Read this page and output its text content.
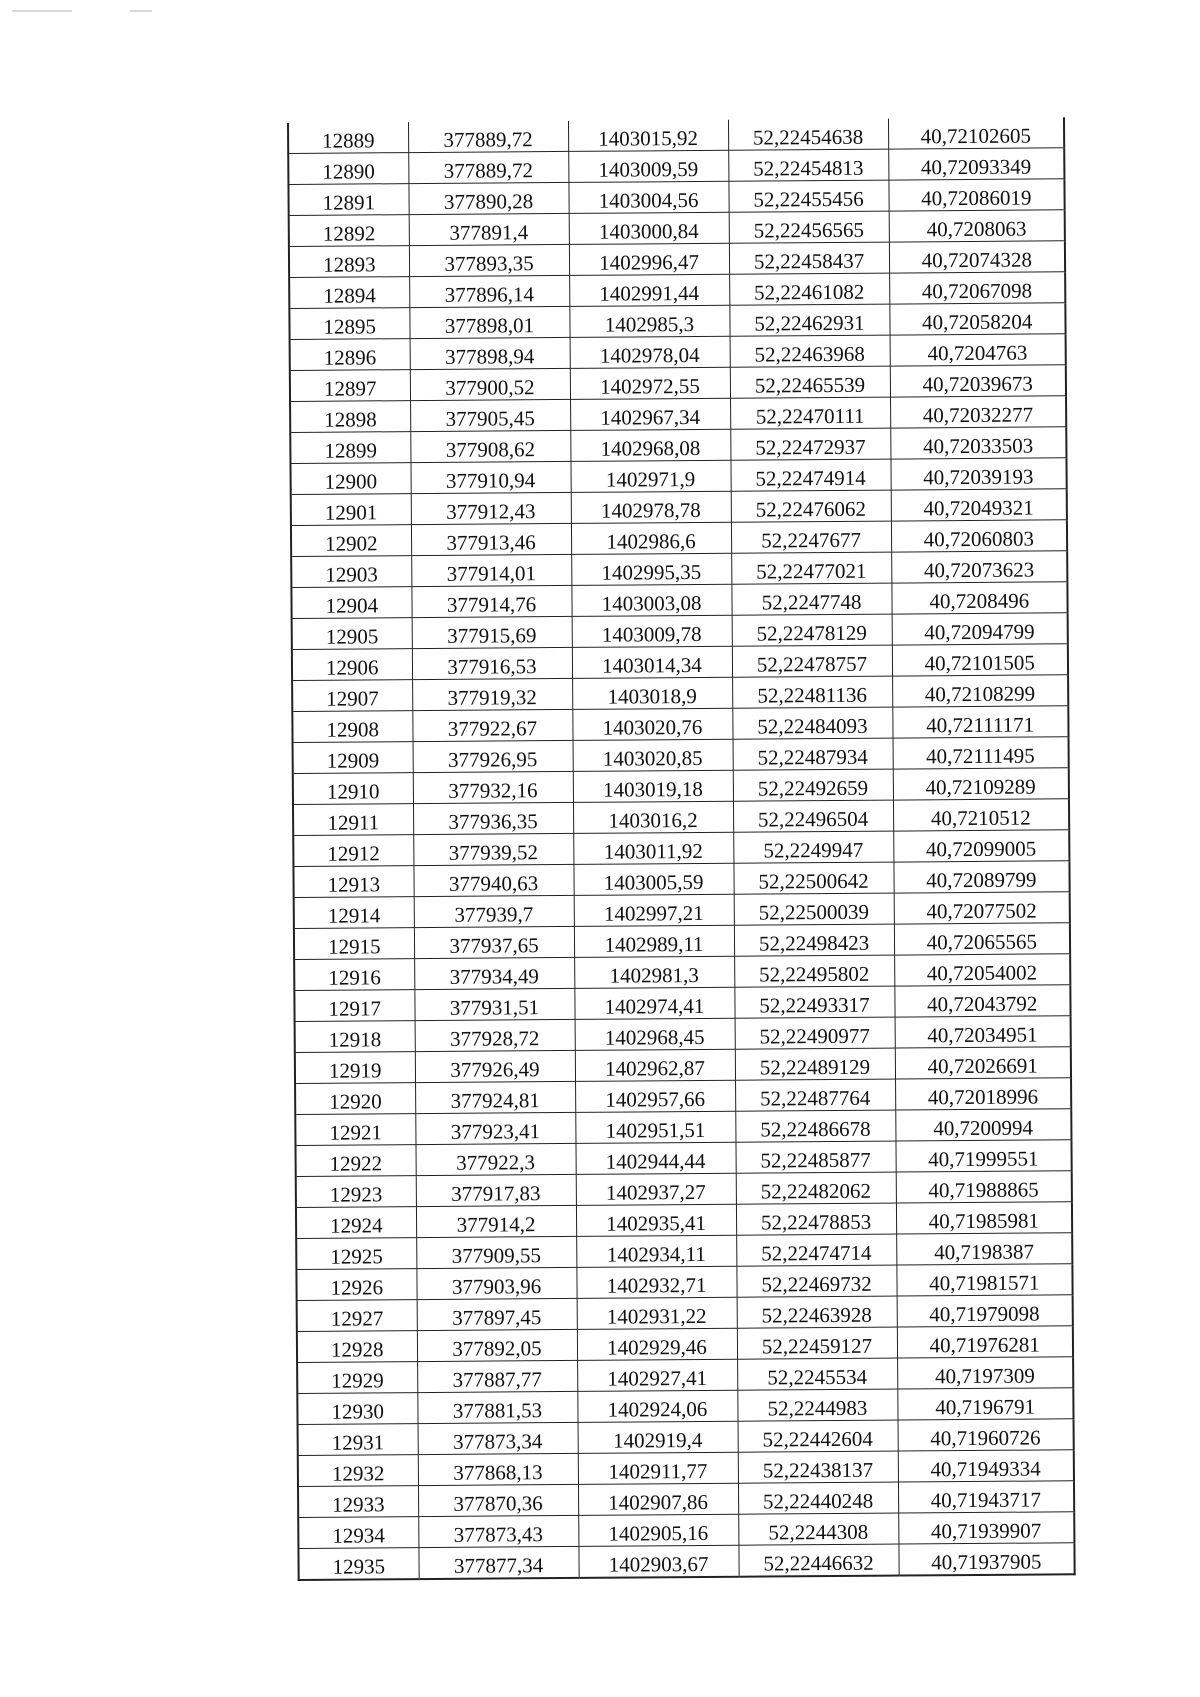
12889	377889,72	1403015,92	52,22454638	40,72102605
12890	377889,72	1403009,59	52,22454813	40,72093349
12891	377890,28	1403004,56	52,22455456	40,72086019
12892	377891,4	1403000,84	52,22456565	40,7208063
12893	377893,35	1402996,47	52,22458437	40,72074328
12894	377896,14	1402991,44	52,22461082	40,72067098
12895	377898,01	1402985,3	52,22462931	40,72058204
12896	377898,94	1402978,04	52,22463968	40,7204763
12897	377900,52	1402972,55	52,22465539	40,72039673
12898	377905,45	1402967,34	52,22470111	40,72032277
12899	377908,62	1402968,08	52,22472937	40,72033503
12900	377910,94	1402971,9	52,22474914	40,72039193
12901	377912,43	1402978,78	52,22476062	40,72049321
12902	377913,46	1402986,6	52,2247677	40,72060803
12903	377914,01	1402995,35	52,22477021	40,72073623
12904	377914,76	1403003,08	52,2247748	40,7208496
12905	377915,69	1403009,78	52,22478129	40,72094799
12906	377916,53	1403014,34	52,22478757	40,72101505
12907	377919,32	1403018,9	52,22481136	40,72108299
12908	377922,67	1403020,76	52,22484093	40,72111171
12909	377926,95	1403020,85	52,22487934	40,72111495
12910	377932,16	1403019,18	52,22492659	40,72109289
12911	377936,35	1403016,2	52,22496504	40,7210512
12912	377939,52	1403011,92	52,2249947	40,72099005
12913	377940,63	1403005,59	52,22500642	40,72089799
12914	377939,7	1402997,21	52,22500039	40,72077502
12915	377937,65	1402989,11	52,22498423	40,72065565
12916	377934,49	1402981,3	52,22495802	40,72054002
12917	377931,51	1402974,41	52,22493317	40,72043792
12918	377928,72	1402968,45	52,22490977	40,72034951
12919	377926,49	1402962,87	52,22489129	40,72026691
12920	377924,81	1402957,66	52,22487764	40,72018996
12921	377923,41	1402951,51	52,22486678	40,7200994
12922	377922,3	1402944,44	52,22485877	40,71999551
12923	377917,83	1402937,27	52,22482062	40,71988865
12924	377914,2	1402935,41	52,22478853	40,71985981
12925	377909,55	1402934,11	52,22474714	40,7198387
12926	377903,96	1402932,71	52,22469732	40,71981571
12927	377897,45	1402931,22	52,22463928	40,71979098
12928	377892,05	1402929,46	52,22459127	40,71976281
12929	377887,77	1402927,41	52,2245534	40,7197309
12930	377881,53	1402924,06	52,2244983	40,7196791
12931	377873,34	1402919,4	52,22442604	40,71960726
12932	377868,13	1402911,77	52,22438137	40,71949334
12933	377870,36	1402907,86	52,22440248	40,71943717
12934	377873,43	1402905,16	52,2244308	40,71939907
12935	377877,34	1402903,67	52,22446632	40,71937905
